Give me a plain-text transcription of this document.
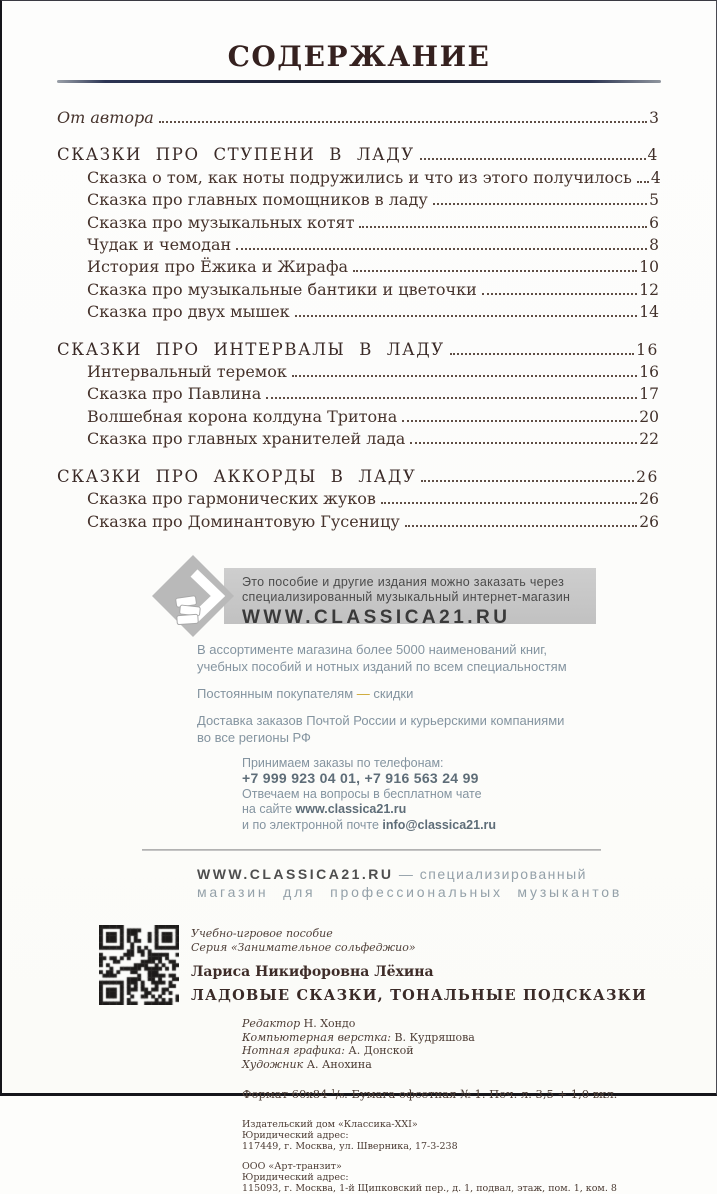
СОДЕРЖАНИЕ
От автора	3
СКАЗКИ ПРО СТУПЕНИ В ЛАДУ	4
Сказка о том, как ноты подружились и что из этого получилось 4
Сказка про главных помощников в ладу	5
Сказка про музыкальных котят	6
Чудак и чемодан	8
История про Ёжика и Жирафа	10
Сказка про музыкальные бантики и цветочки	12
Сказка про двух мышек	14
СКАЗКИ ПРО ИНТЕРВАЛЫ В ЛАДУ	16
Интервальный теремок	16
Сказка про Павлина	17
Волшебная корона колдуна Тритона	20
Сказка про главных хранителей лада	22
СКАЗКИ ПРО АККОРДЫ В ЛАДУ	26
Сказка про гармонических жуков	26
Сказка про Доминантовую Гусеницу	26
Это пособие и другие издания можно заказать через
специализированный музыкальный интернет-магазин
WWW.CLASSICA21.RU
В ассортименте магазина более 5000 наименований книг,
учебных пособий и нотных изданий по всем специальностям
Постоянным покупателям — скидки
Доставка заказов Почтой России и курьерскими компаниями
во все регионы РФ
Принимаем заказы по телефонам:
+7 999 923 04 01, +7 916 563 24 99
Отвечаем на вопросы в бесплатном чате
на сайте www.classica21.ru
и по электронной почте info@classica21.ru
WWW.CLASSICA21.RU — специализированный
магазин для профессиональных музыкантов
Учебно-игровое пособие
Серия «Занимательное сольфеджио»
Лариса Никифоровна Лёхина
ЛАДОВЫЕ СКАЗКИ, ТОНАЛЬНЫЕ ПОДСКАЗКИ
Редактор Н. Хондо
Компьютерная верстка: В. Кудряшова
Нотная графика: А. Донской
Художник А. Анохина
Формат 60х84 ¹/₈. Бумага офсетная № 1. Печ. л. 3,5 + 1,0 вкл.
Издательский дом «Классика-XXI»
Юридический адрес:
117449, г. Москва, ул. Шверника, 17-3-238
ООО «Арт-транзит»
Юридический адрес:
115093, г. Москва, 1-й Щипковский пер., д. 1, подвал, этаж, пом. 1, ком. 8
